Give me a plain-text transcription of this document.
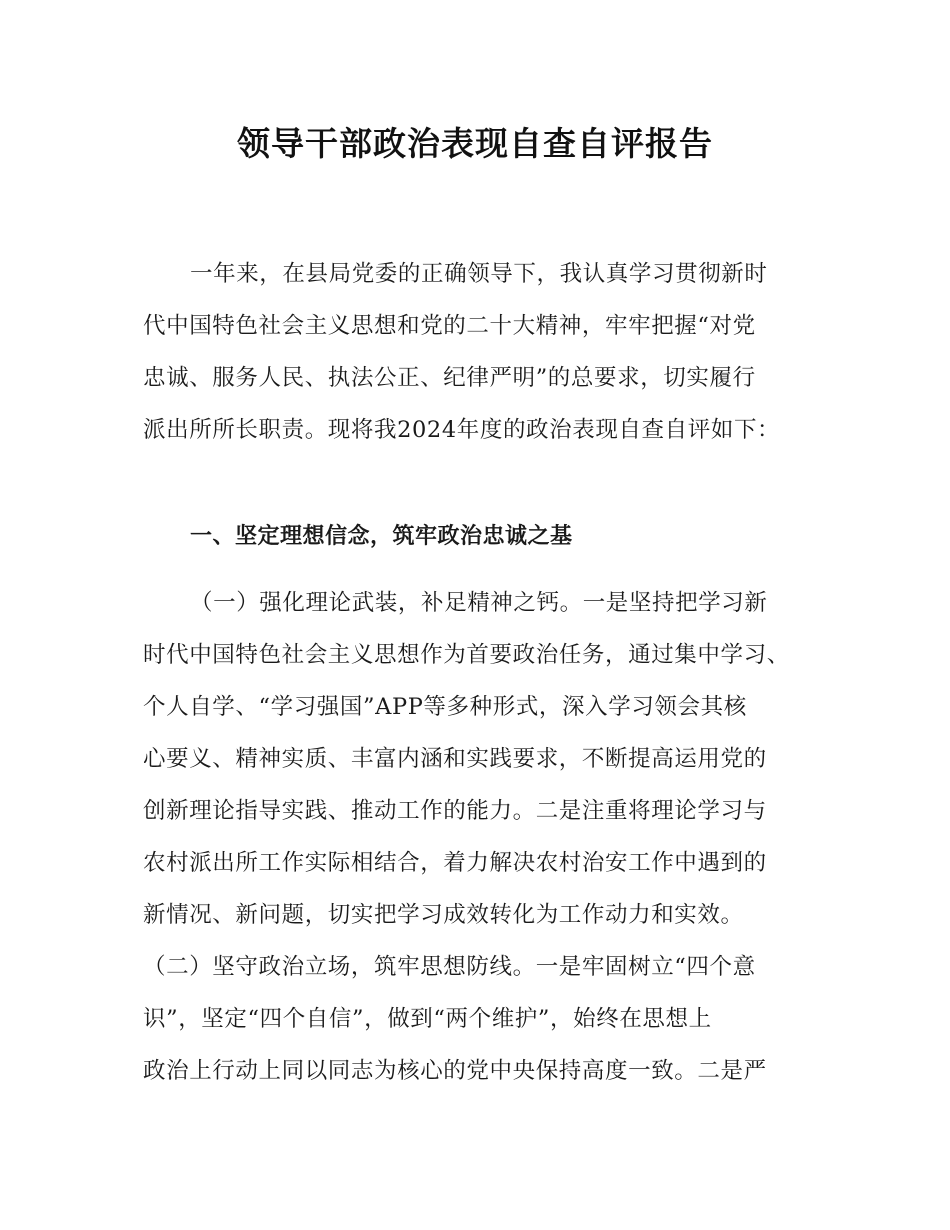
领导干部政治表现自查自评报告
一年来，在县局党委的正确领导下，我认真学习贯彻新时
代中国特色社会主义思想和党的二十大精神，牢牢把握“对党
忠诚、服务人民、执法公正、纪律严明”的总要求，切实履行
派出所所长职责。现将我2024年度的政治表现自查自评如下：
一、坚定理想信念，筑牢政治忠诚之基
（一）强化理论武装，补足精神之钙。一是坚持把学习新
时代中国特色社会主义思想作为首要政治任务，通过集中学习、
个人自学、“学习强国”APP等多种形式，深入学习领会其核
心要义、精神实质、丰富内涵和实践要求，不断提高运用党的
创新理论指导实践、推动工作的能力。二是注重将理论学习与
农村派出所工作实际相结合，着力解决农村治安工作中遇到的
新情况、新问题，切实把学习成效转化为工作动力和实效。
（二）坚守政治立场，筑牢思想防线。一是牢固树立“四个意
识”，坚定“四个自信”，做到“两个维护”，始终在思想上
政治上行动上同以同志为核心的党中央保持高度一致。二是严
